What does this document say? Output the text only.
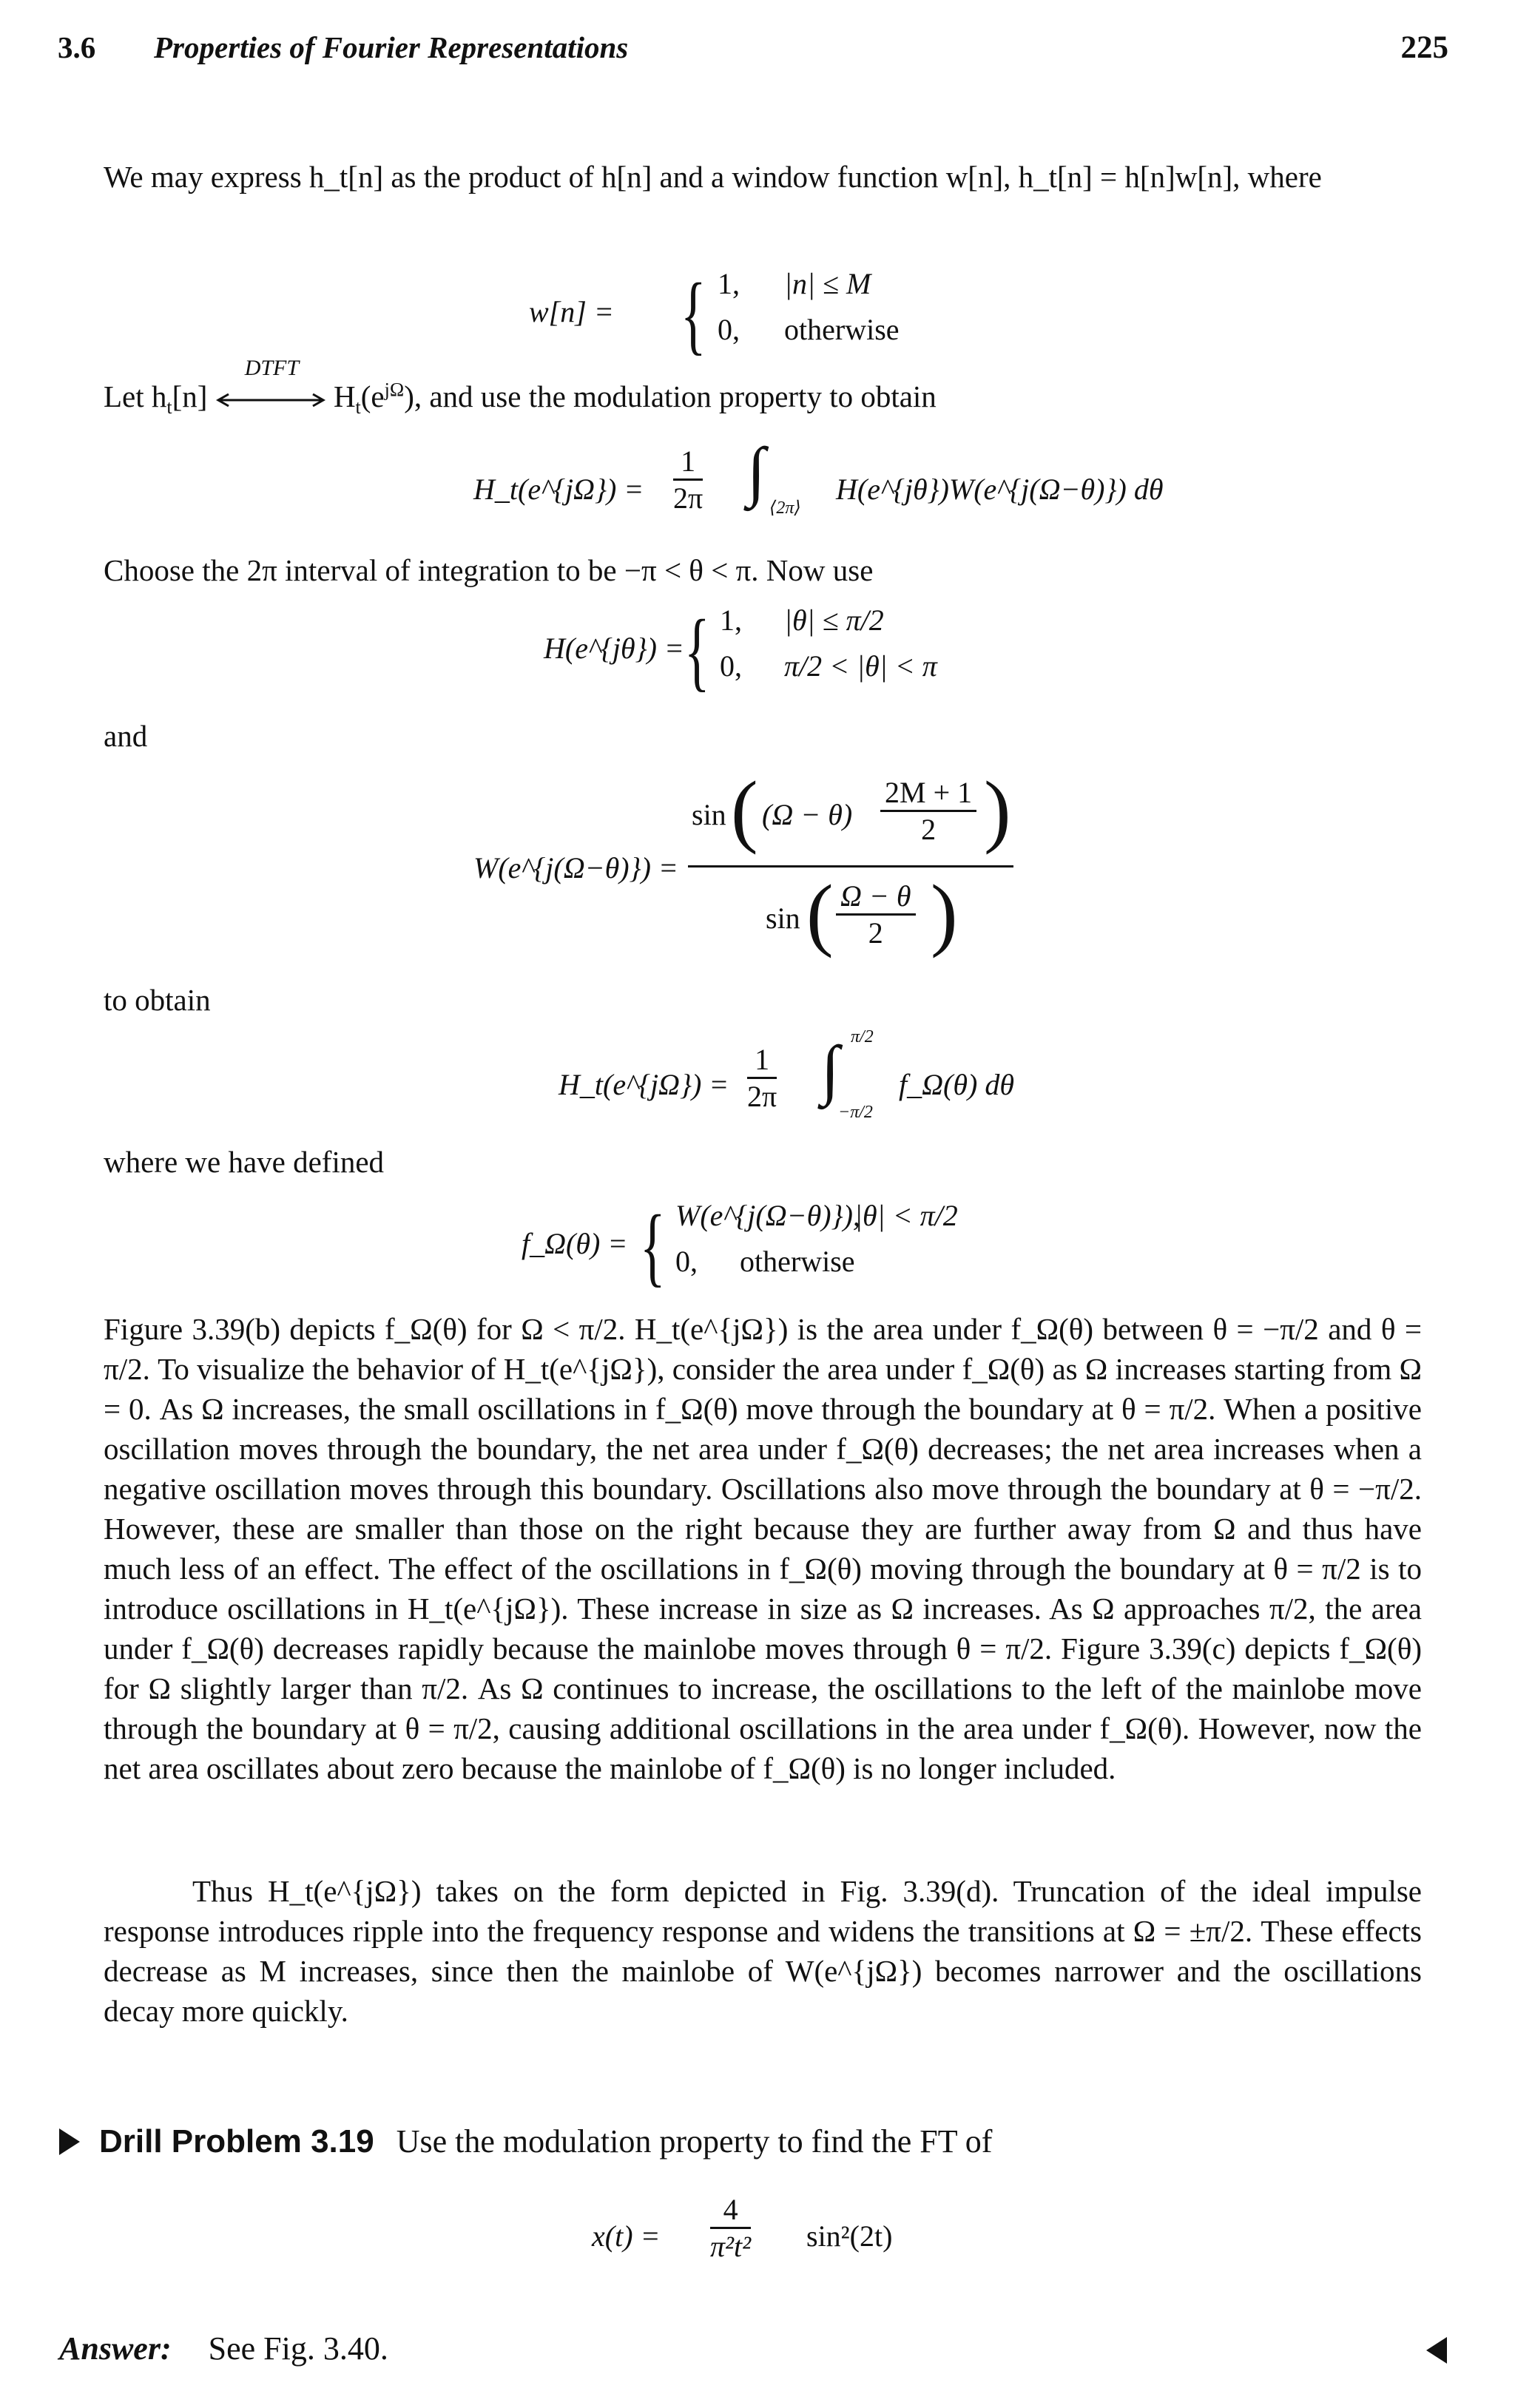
3.6 Properties of Fourier Representations	225

We may express h_t[n] as the product of h[n] and a window function w[n], h_t[n] = h[n]w[n], where

w[n] = { 1, |n| ≤ M
0, otherwise
Let $h_t[n]$
DTFT
$H_t(e^{j\Omega})$, and use the modulation property to obtain
H_t(e^{jΩ}) = $\frac{1}{2\pi}$ ∫ ⟨2π⟩
H(e^{jθ})W(e^{j(Ω−θ)}) dθ

Choose the 2π interval of integration to be −π < θ < π. Now use

H(e^{jθ}) = { 1, |θ| ≤ π/2
0, π/2 < |θ| < π

and

W(e^{j(Ω−θ)}) =
sin ( $(\Omega - \theta) \frac{2M + 1}{2}$ )
sin ( $\frac{\Omega - \theta}{2}$ )

to obtain

H_t(e^{jΩ}) = $\frac{1}{2\pi}$ ∫ π/2
−π/2
f_Ω(θ) dθ

where we have defined

f_Ω(θ) = { W(e^{j(Ω−θ)}),
|θ| < π/2
0, otherwise

Figure 3.39(b) depicts f_Ω(θ) for Ω < π/2. H_t(e^{jΩ}) is the area under f_Ω(θ) between θ = −π/2 and θ = π/2. To visualize the behavior of H_t(e^{jΩ}), consider the area under f_Ω(θ) as Ω increases starting from Ω = 0. As Ω increases, the small oscillations in f_Ω(θ) move through the boundary at θ = π/2. When a positive oscillation moves through the boundary, the net area under f_Ω(θ) decreases; the net area increases when a negative oscillation moves through this boundary. Oscillations also move through the boundary at θ = −π/2. However, these are smaller than those on the right because they are further away from Ω and thus have much less of an effect. The effect of the oscillations in f_Ω(θ) moving through the boundary at θ = π/2 is to introduce oscillations in H_t(e^{jΩ}). These increase in size as Ω increases. As Ω approaches π/2, the area under f_Ω(θ) decreases rapidly because the mainlobe moves through θ = π/2. Figure 3.39(c) depicts f_Ω(θ) for Ω slightly larger than π/2. As Ω continues to increase, the oscillations to the left of the mainlobe move through the boundary at θ = π/2, causing additional oscillations in the area under f_Ω(θ). However, now the net area oscillates about zero because the mainlobe of f_Ω(θ) is no longer included.

Thus H_t(e^{jΩ}) takes on the form depicted in Fig. 3.39(d). Truncation of the ideal impulse response introduces ripple into the frequency response and widens the transitions at Ω = ±π/2. These effects decrease as M increases, since then the mainlobe of W(e^{jΩ}) becomes narrower and the oscillations decay more quickly.

Drill Problem 3.19 Use the modulation property to find the FT of
$x(t) = \frac{4}{\text{π²t²}} \sin^2(2t)$
Answer: See Fig. 3.40.
